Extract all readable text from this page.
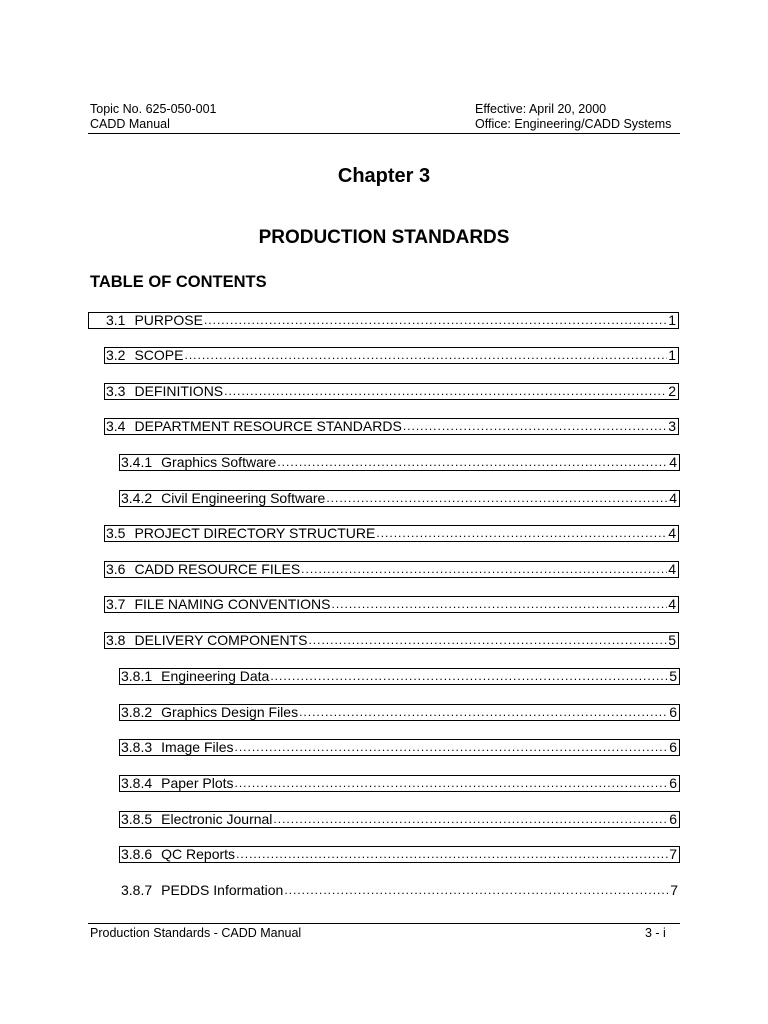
Topic No. 625-050-001
CADD Manual
Effective: April 20, 2000
Office: Engineering/CADD Systems
Chapter 3
PRODUCTION STANDARDS
TABLE OF CONTENTS
3.1 PURPOSE .....	1
3.2 SCOPE .....	1
3.3 DEFINITIONS .....	2
3.4 DEPARTMENT RESOURCE STANDARDS .....	3
3.4.1 Graphics Software .....	4
3.4.2 Civil Engineering Software .....	4
3.5 PROJECT DIRECTORY STRUCTURE .....	4
3.6 CADD RESOURCE FILES .....	4
3.7 FILE NAMING CONVENTIONS .....	4
3.8 DELIVERY COMPONENTS .....	5
3.8.1 Engineering Data .....	5
3.8.2 Graphics Design Files .....	6
3.8.3 Image Files .....	6
3.8.4 Paper Plots .....	6
3.8.5 Electronic Journal .....	6
3.8.6 QC Reports .....	7
3.8.7 PEDDS Information .....	7
Production Standards - CADD Manual	3 - i
